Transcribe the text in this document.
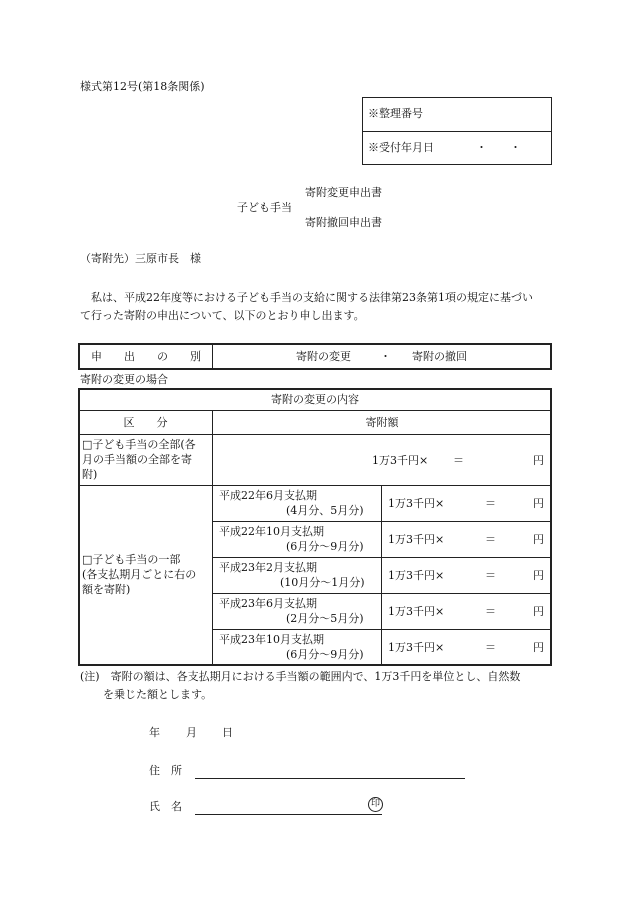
様式第12号(第18条関係)
※整理番号
※受付年月日	・ ・
寄附変更申出書
子ども手当
寄附撤回申出書
（寄附先）三原市長　様
　私は、平成22年度等における子ども手当の支給に関する法律第23条第1項の規定に基づい
て行った寄附の申出について、以下のとおり申し出ます。
申　　出　　の　　別	寄附の変更	・ 寄附の撤回
寄附の変更の場合
寄附の変更の内容
区　　分	寄附額
□子ども手当の全部(各
月の手当額の全部を寄
附)
1万3千円× ＝	円
□子ども手当の一部
(各支払期月ごとに右の
額を寄附)
平成22年6月支払期
(4月分、5月分)
1万3千円×	＝	円
平成22年10月支払期
(6月分～9月分)
1万3千円×	＝	円
平成23年2月支払期
(10月分～1月分)
1万3千円×	＝	円
平成23年6月支払期
(2月分～5月分)
1万3千円×	＝	円
平成23年10月支払期
(6月分～9月分)
1万3千円×	＝	円
(注)　寄附の額は、各支払期月における手当額の範囲内で、1万3千円を単位とし、自然数
を乗じた額とします。
年 月 日
住　所
氏　名	印
